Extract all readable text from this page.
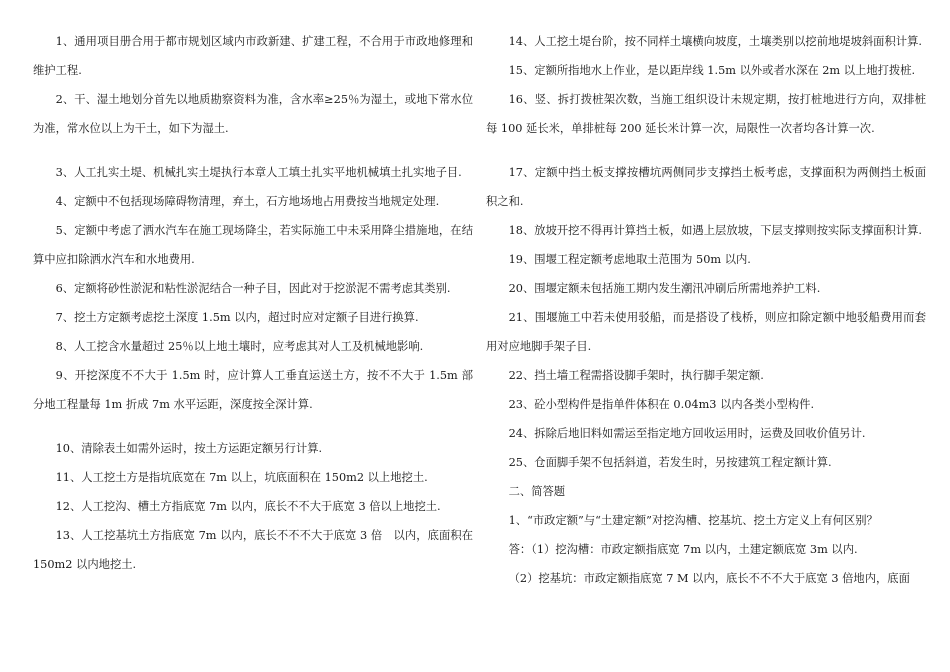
1、通用项目册合用于都市规划区域内市政新建、扩建工程，不合用于市政地修理和维护工程.

2、干、湿土地划分首先以地质勘察资料为准，含水率≥25％为湿土，或地下常水位为准，常水位以上为干土，如下为湿土.

3、人工扎实土堤、机械扎实土堤执行本章人工填土扎实平地机械填土扎实地子目.

4、定额中不包括现场障碍物清理，弃土，石方地场地占用费按当地规定处理.

5、定额中考虑了洒水汽车在施工现场降尘，若实际施工中未采用降尘措施地，在结算中应扣除洒水汽车和水地费用.

6、定额将砂性淤泥和粘性淤泥结合一种子目，因此对于挖淤泥不需考虑其类别.

7、挖土方定额考虑挖土深度 1.5m 以内，超过时应对定额子目进行换算.

8、人工挖含水量超过 25％以上地土壤时，应考虑其对人工及机械地影响.

9、开挖深度不不大于 1.5m 时，应计算人工垂直运送土方，按不不大于 1.5m 部分地工程量每 1m 折成 7m 水平运距，深度按全深计算.

10、清除表土如需外运时，按土方运距定额另行计算.

11、人工挖土方是指坑底宽在 7m 以上，坑底面积在 150m2 以上地挖土.

12、人工挖沟、槽土方指底宽 7m 以内，底长不不大于底宽 3 倍以上地挖土.

13、人工挖基坑土方指底宽 7m 以内，底长不不不大于底宽 3 倍　以内，底面积在 150m2 以内地挖土.

14、人工挖土堤台阶，按不同样土壤横向坡度，土壤类别以挖前地堤坡斜面积计算.

15、定额所指地水上作业，是以距岸线 1.5m 以外或者水深在 2m 以上地打拨桩.

16、竖、拆打拨桩架次数，当施工组织设计未规定期，按打桩地进行方向，双排桩每 100 延长米，单排桩每 200 延长米计算一次，局限性一次者均各计算一次.

17、定额中挡土板支撑按槽坑两侧同步支撑挡土板考虑，支撑面积为两侧挡土板面积之和.

18、放坡开挖不得再计算挡土板，如遇上层放坡，下层支撑则按实际支撑面积计算.

19、围堰工程定额考虑地取土范围为 50m 以内.

20、围堰定额未包括施工期内发生潮汛冲刷后所需地养护工料.

21、围堰施工中若未使用驳船，而是搭设了栈桥，则应扣除定额中地驳船费用而套用对应地脚手架子目.

22、挡土墙工程需搭设脚手架时，执行脚手架定额.

23、砼小型构件是指单件体积在 0.04m3 以内各类小型构件.

24、拆除后地旧料如需运至指定地方回收运用时，运费及回收价值另计.

25、仓面脚手架不包括斜道，若发生时，另按建筑工程定额计算.

二、简答题

1、“市政定额”与“土建定额”对挖沟槽、挖基坑、挖土方定义上有何区别？

答：（1）挖沟槽：市政定额指底宽 7m 以内，土建定额底宽 3m 以内.

（2）挖基坑：市政定额指底宽 7 M 以内，底长不不不大于底宽 3 倍地内，底面
